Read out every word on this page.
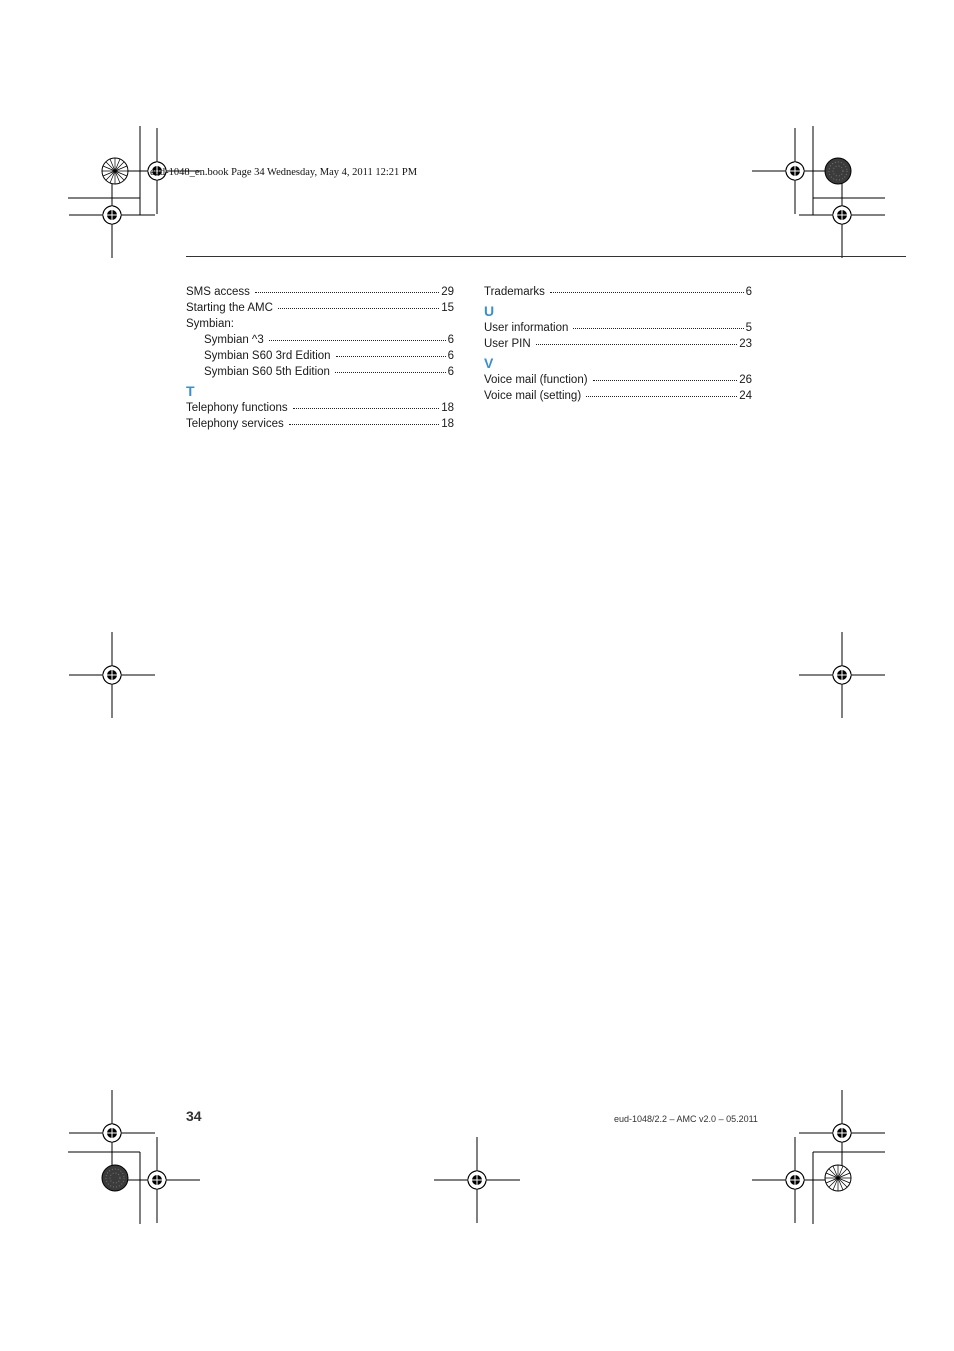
eud-1048_en.book Page 34 Wednesday, May 4, 2011 12:21 PM
SMS access	29
Starting the AMC	15
Symbian:
Symbian ^3	6
Symbian S60 3rd Edition	6
Symbian S60 5th Edition	6
T
Telephony functions	18
Telephony services	18
Trademarks	6
U
User information	5
User PIN	23
V
Voice mail (function)	26
Voice mail (setting)	24
34	eud-1048/2.2 – AMC v2.0 – 05.2011
